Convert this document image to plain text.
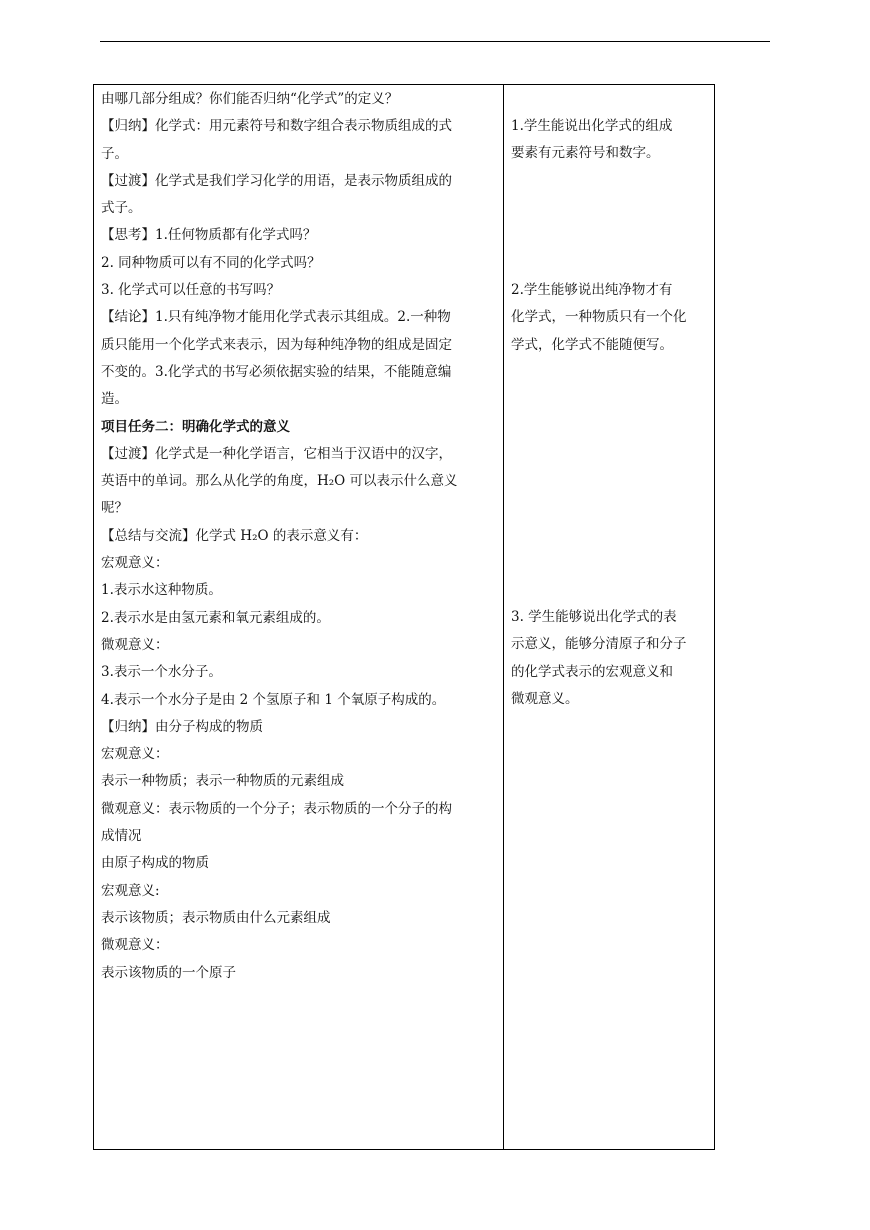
由哪几部分组成？你们能否归纳“化学式”的定义？

【归纳】化学式：用元素符号和数字组合表示物质组成的式

子。

【过渡】化学式是我们学习化学的用语，是表示物质组成的

式子。

【思考】1.任何物质都有化学式吗？

2. 同种物质可以有不同的化学式吗？

3. 化学式可以任意的书写吗？

【结论】1.只有纯净物才能用化学式表示其组成。2.一种物

质只能用一个化学式来表示，因为每种纯净物的组成是固定

不变的。3.化学式的书写必须依据实验的结果，不能随意编

造。

项目任务二：明确化学式的意义

【过渡】化学式是一种化学语言，它相当于汉语中的汉字，

英语中的单词。那么从化学的角度，H₂O 可以表示什么意义

呢？

【总结与交流】化学式 H₂O 的表示意义有：

宏观意义：

1.表示水这种物质。

2.表示水是由氢元素和氧元素组成的。

微观意义：

3.表示一个水分子。

4.表示一个水分子是由 2 个氢原子和 1 个氧原子构成的。

【归纳】由分子构成的物质

宏观意义：

表示一种物质；表示一种物质的元素组成

微观意义：表示物质的一个分子；表示物质的一个分子的构

成情况

由原子构成的物质

宏观意义:

表示该物质；表示物质由什么元素组成

微观意义：

表示该物质的一个原子

1.学生能说出化学式的组成

要素有元素符号和数字。

2.学生能够说出纯净物才有

化学式，一种物质只有一个化

学式，化学式不能随便写。

3. 学生能够说出化学式的表

示意义，能够分清原子和分子

的化学式表示的宏观意义和

微观意义。
